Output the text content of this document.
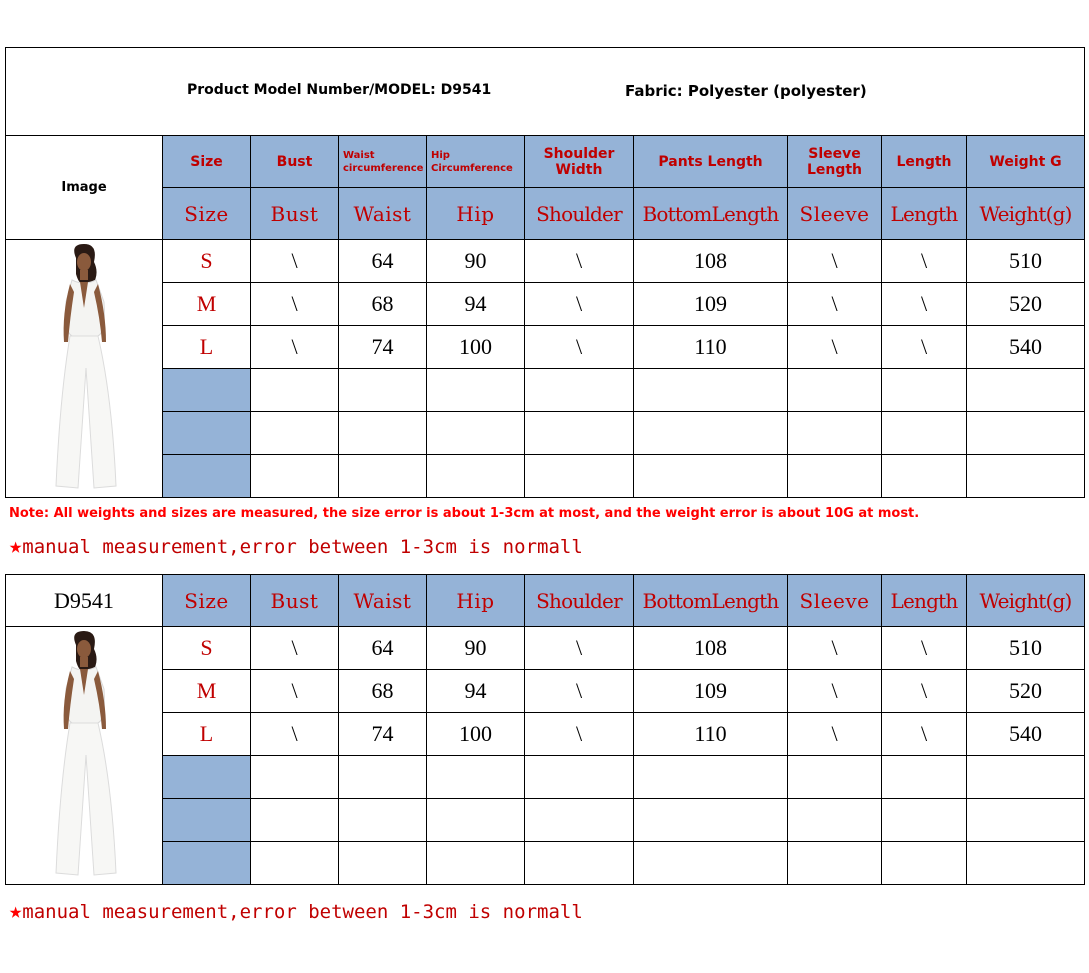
Product Model Number/MODEL: D9541 Fabric: Polyester (polyester)									

Image	Size	Bust	Waist circumference	Hip Circumference	Shoulder Width	Pants Length	Sleeve Length	Length	Weight G
	Size	Bust	Waist	Hip	Shoulder	BottomLength	Sleeve	Length	Weight(g)

	S	\	64	90	\	108	\	\	510
	M	\	68	94	\	109	\	\	520
	L	\	74	100	\	110	\	\	540

Note: All weights and sizes are measured, the size error is about 1-3cm at most, and the weight error is about 10G at most.
★manual measurement,error between 1-3cm is normall
D9541	Size	Bust	Waist	Hip	Shoulder	BottomLength	Sleeve	Length	Weight(g)

	S	\	64	90	\	108	\	\	510
	M	\	68	94	\	109	\	\	520
	L	\	74	100	\	110	\	\	540

★manual measurement,error between 1-3cm is normall
